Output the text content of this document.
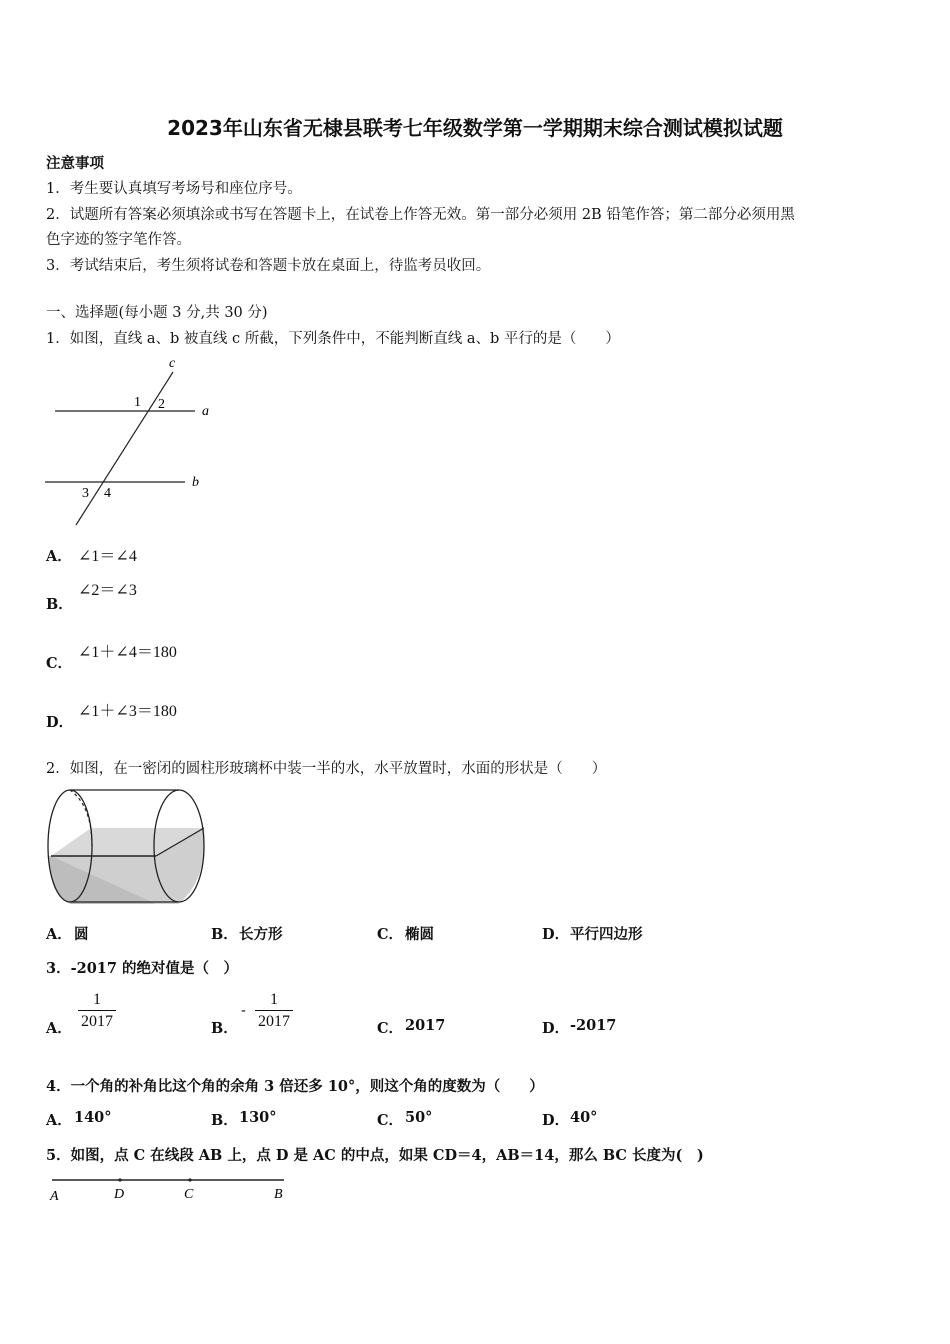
2023年山东省无棣县联考七年级数学第一学期期末综合测试模拟试题
注意事项
1．考生要认真填写考场号和座位序号。
2．试题所有答案必须填涂或书写在答题卡上，在试卷上作答无效。第一部分必须用 2B 铅笔作答；第二部分必须用黑
色字迹的签字笔作答。
3．考试结束后，考生须将试卷和答题卡放在桌面上，待监考员收回。
一、选择题(每小题 3 分,共 30 分)
1．如图，直线 a、b 被直线 c 所截，下列条件中，不能判断直线 a、b 平行的是（　　）
c
a
b
1 2
3 4
A． ∠1＝∠4
B．
∠2＝∠3
C．
∠1＋∠4＝180
D．
∠1＋∠3＝180
2．如图，在一密闭的圆柱形玻璃杯中装一半的水，水平放置时，水面的形状是（　　）
A． 圆	B． 长方形	C． 椭圆	D． 平行四边形
3．-2017 的绝对值是（　）
A． $\frac{1}{2017}$	B．
- $\frac{1}{2017}$	C． 2017	D． -2017
4．一个角的补角比这个角的余角 3 倍还多 10°，则这个角的度数为（　　）
A． 140°	B． 130°	C． 50°	D． 40°
5．如图，点 C 在线段 AB 上，点 D 是 AC 的中点，如果 CD＝4，AB＝14，那么 BC 长度为(　)
A	D	C	B
